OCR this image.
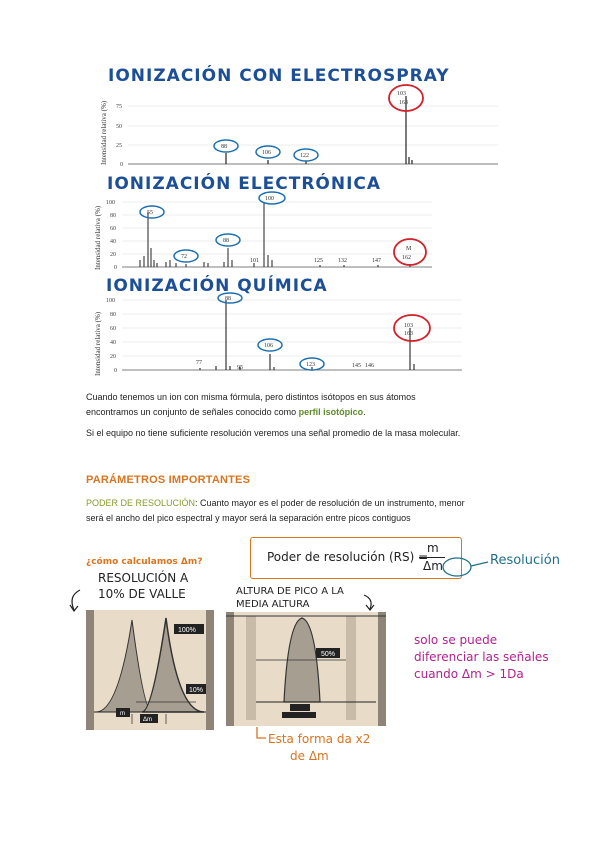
IONIZACIÓN CON ELECTROSPRAY
Intensidad relativa (%) 75
50
25
0
103
163
88
106	122
IONIZACIÓN ELECTRÓNICA
Intensidad relativa (%)
100
80
60
40
20
0
55
72
88
100
101	125	132	147
M
162
IONIZACIÓN QUÍMICA
Intensidad relativa (%)
100
80
60
40
20
0
88
106
123
77
95	145 146
103
163
Cuando tenemos un ion con misma fórmula, pero distintos isótopos en sus átomos
encontramos un conjunto de señales conocido como perfil isotópico.
Si el equipo no tiene suficiente resolución veremos una señal promedio de la masa molecular.
PARÁMETROS IMPORTANTES
PODER DE RESOLUCIÓN: Cuanto mayor es el poder de resolución de un instrumento, menor
será el ancho del pico espectral y mayor será la separación entre picos contiguos
Poder de resolución (RS) =
m
Δm	Resolución
¿cómo calculamos Δm?
RESOLUCIÓN A
10% DE VALLE	ALTURA DE PICO A LA
MEDIA ALTURA
100%
10%
m
Δm
50%
solo se puede
diferenciar las señales
cuando Δm > 1Da
Esta forma da x2
de Δm
